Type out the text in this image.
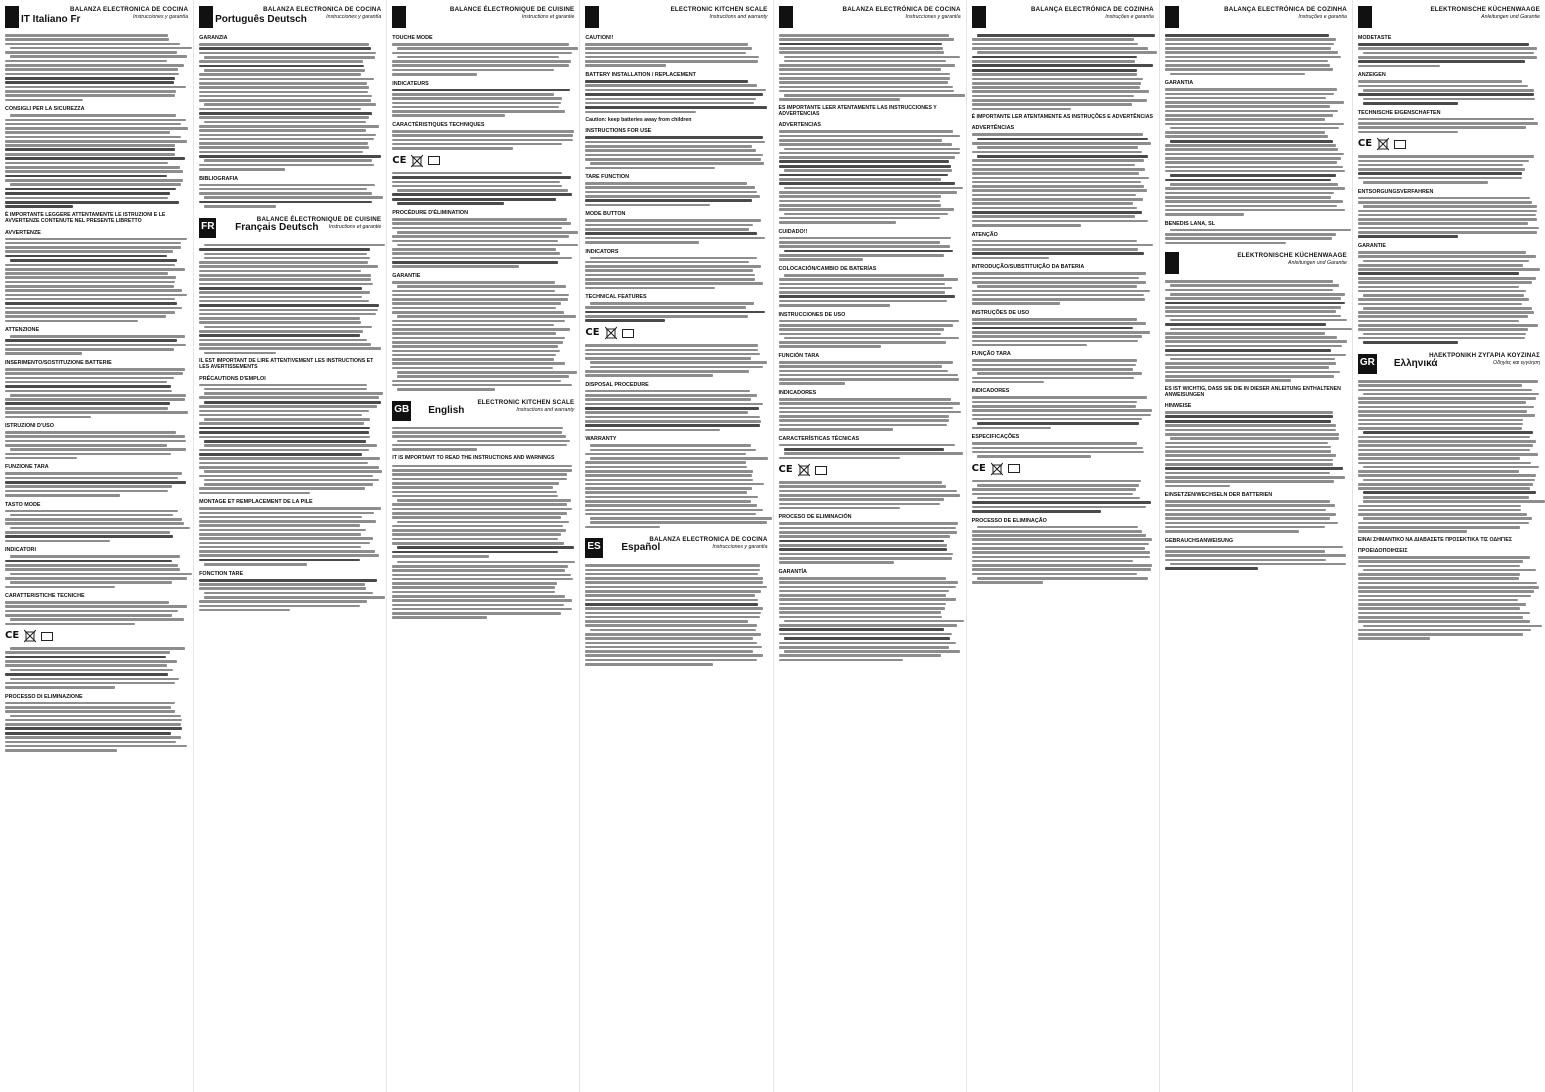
IT Italiano Fr
BALANZA ELECTRONICA DE COCINA
Instrucciones y garantía
CONSIGLI PER LA SICUREZZA
È IMPORTANTE LEGGERE ATTENTAMENTE LE ISTRUZIONI E LE AVVERTENZE CONTENUTE NEL PRESENTE LIBRETTO
AVVERTENZE
ATTENZIONE
INSERIMENTO/SOSTITUZIONE BATTERIE
ISTRUZIONI D'USO
FUNZIONE TARA
TASTO MODE
INDICATORI
CARATTERISTICHE TECNICHE
CE
PROCESSO DI ELIMINAZIONE
Português Deutsch
BALANZA ELECTRONICA DE COCINA
Instrucciones y garantía
GARANZIA
BIBLIOGRAFIA
FR Français Deutsch
BALANCE ÉLECTRONIQUE DE CUISINE
Instructions et garantie
IL EST IMPORTANT DE LIRE ATTENTIVEMENT LES INSTRUCTIONS ET LES AVERTISSEMENTS
PRÉCAUTIONS D'EMPLOI
MONTAGE ET REMPLACEMENT DE LA PILE
FONCTION TARE
BALANCE ÉLECTRONIQUE DE CUISINE
Instructions et garantie
TOUCHE MODE
INDICATEURS
CARACTÉRISTIQUES TECHNIQUES
CE
PROCÉDURE D'ÉLIMINATION
GARANTIE
GB English
ELECTRONIC KITCHEN SCALE
Instructions and warranty
IT IS IMPORTANT TO READ THE INSTRUCTIONS AND WARNINGS
ELECTRONIC KITCHEN SCALE
Instructions and warranty
CAUTION!!
BATTERY INSTALLATION / REPLACEMENT
Caution: keep batteries away from children
INSTRUCTIONS FOR USE
TARE FUNCTION
MODE BUTTON
INDICATORS
TECHNICAL FEATURES
CE
DISPOSAL PROCEDURE
WARRANTY
ES Español
BALANZA ELECTRONICA DE COCINA
Instrucciones y garantía
BALANZA ELECTRÓNICA DE COCINA
Instrucciones y garantía
ES IMPORTANTE LEER ATENTAMENTE LAS INSTRUCCIONES Y ADVERTENCIAS
ADVERTENCIAS
CUIDADO!!
COLOCACIÓN/CAMBIO DE BATERÍAS
INSTRUCCIONES DE USO
FUNCIÓN TARA
INDICADORES
CARACTERÍSTICAS TÉCNICAS
CE
PROCESO DE ELIMINACIÓN
GARANTÍA
BALANÇA ELECTRÓNICA DE COZINHA
Instruções e garantia
É IMPORTANTE LER ATENTAMENTE AS INSTRUÇÕES E ADVERTÊNCIAS
ADVERTÊNCIAS
ATENÇÃO
INTRODUÇÃO/SUBSTITUIÇÃO DA BATERIA
INSTRUÇÕES DE USO
FUNÇÃO TARA
INDICADORES
ESPECIFICAÇÕES
CE
PROCESSO DE ELIMINAÇÃO
BALANÇA ELECTRÓNICA DE COZINHA
Instruções e garantia
GARANTIA
BENEDIS LANA, SL
ELEKTRONISCHE KÜCHENWAAGE
Anleitungen und Garantie
ES IST WICHTIG, DASS SIE DIE IN DIESER ANLEITUNG ENTHALTENEN ANWEISUNGEN
HINWEISE
EINSETZEN/WECHSELN DER BATTERIEN
GEBRAUCHSANWEISUNG
ELEKTRONISCHE KÜCHENWAAGE
Anleitungen und Garantie
MODETASTE
ANZEIGEN
TECHNISCHE EIGENSCHAFTEN
CE
ENTSORGUNGSVERFAHREN
GARANTIE
GR Ελληνικά
ΗΛΕΚΤΡΟΝΙΚΗ ΖΥΓΑΡΙΑ ΚΟΥΖΙΝΑΣ
Οδηγίες και εγγύηση
ΕΙΝΑΙ ΣΗΜΑΝΤΙΚΟ ΝΑ ΔΙΑΒΑΣΕΤΕ ΠΡΟΣΕΚΤΙΚΑ ΤΙΣ ΟΔΗΓΙΕΣ
ΠΡΟΕΙΔΟΠΟΙΗΣΕΙΣ
